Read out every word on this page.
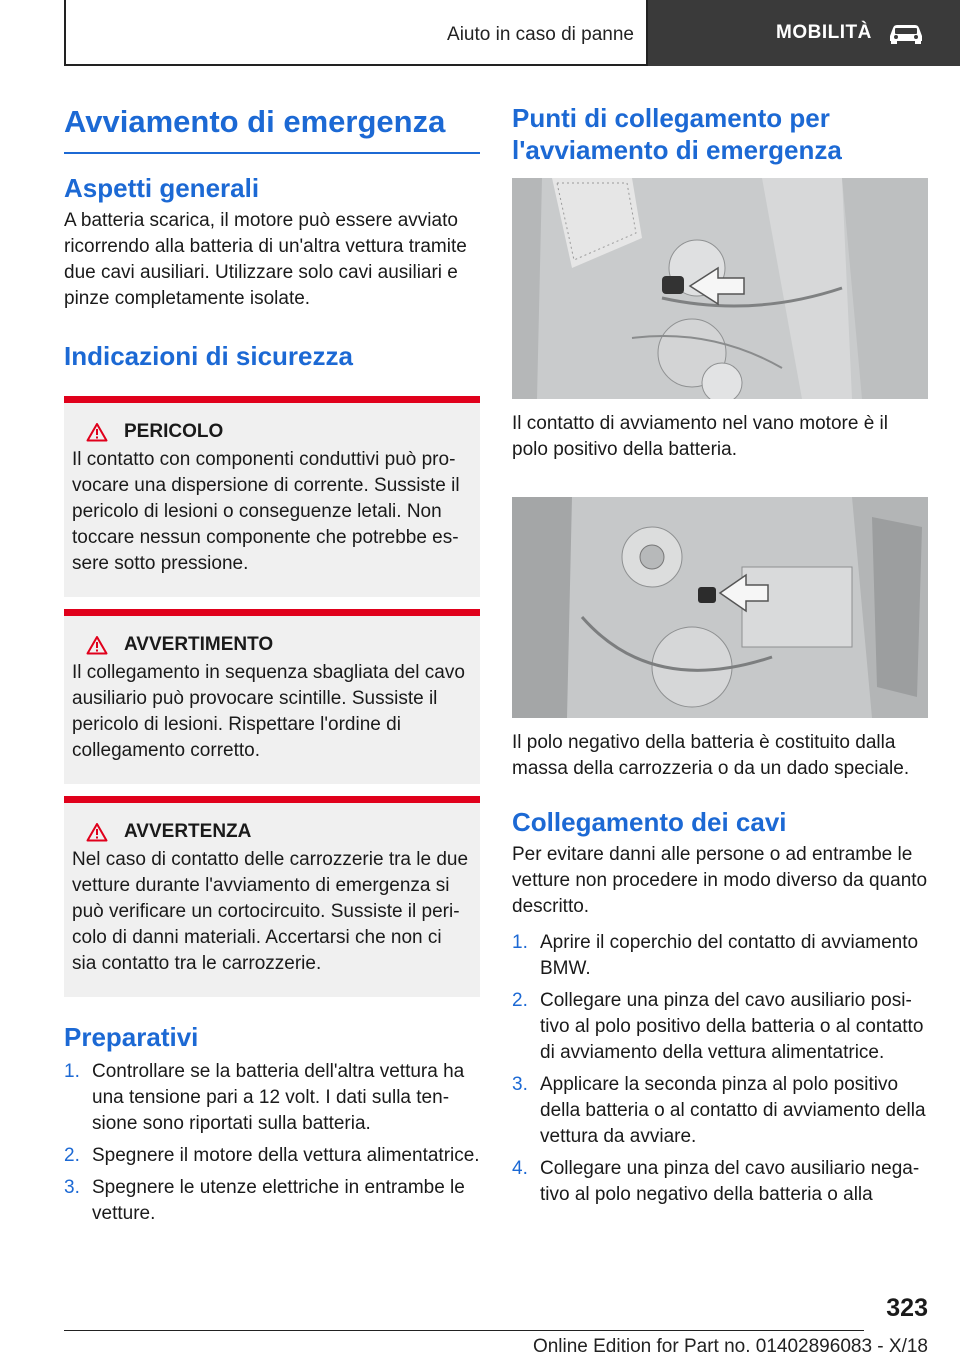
Aiuto in caso di panne	MOBILITÀ
Avviamento di emergenza
Aspetti generali

A batteria scarica, il motore può essere avviato ricorrendo alla batteria di un'altra vettura tramite due cavi ausiliari. Utilizzare solo cavi ausiliari e pinze completamente isolate.

Indicazioni di sicurezza
PERICOLO

Il contatto con componenti conduttivi può provocare una dispersione di corrente. Sussiste il pericolo di lesioni o conseguenze letali. Non toccare nessun componente che potrebbe essere sotto pressione.

AVVERTIMENTO

Il collegamento in sequenza sbagliata del cavo ausiliario può provocare scintille. Sussiste il pericolo di lesioni. Rispettare l'ordine di collegamento corretto.

AVVERTENZA

Nel caso di contatto delle carrozzerie tra le due vetture durante l'avviamento di emergenza si può verificare un cortocircuito. Sussiste il pericolo di danni materiali. Accertarsi che non ci sia contatto tra le carrozzerie.

Preparativi
1. Controllare se la batteria dell'altra vettura ha una tensione pari a 12 volt. I dati sulla tensione sono riportati sulla batteria.
2. Spegnere il motore della vettura alimentatrice.
3. Spegnere le utenze elettriche in entrambe le vetture.
Punti di collegamento per l'avviamento di emergenza

Il contatto di avviamento nel vano motore è il polo positivo della batteria.

Il polo negativo della batteria è costituito dalla massa della carrozzeria o da un dado speciale.

Collegamento dei cavi

Per evitare danni alle persone o ad entrambe le vetture non procedere in modo diverso da quanto descritto.

1. Aprire il coperchio del contatto di avviamento BMW.
2. Collegare una pinza del cavo ausiliario positivo al polo positivo della batteria o al contatto di avviamento della vettura alimentatrice.
3. Applicare la seconda pinza al polo positivo della batteria o al contatto di avviamento della vettura da avviare.
4. Collegare una pinza del cavo ausiliario negativo al polo negativo della batteria o alla
323
Online Edition for Part no. 01402896083 - X/18
